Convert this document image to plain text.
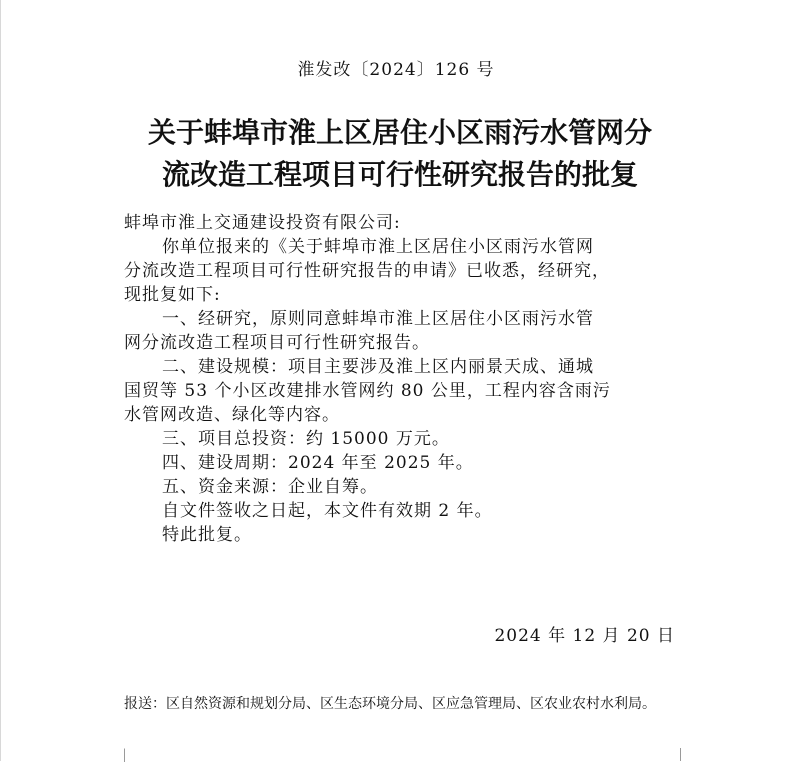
淮发改〔2024〕126 号
关于蚌埠市淮上区居住小区雨污水管网分
流改造工程项目可行性研究报告的批复

蚌埠市淮上交通建设投资有限公司:

你单位报来的《关于蚌埠市淮上区居住小区雨污水管网

分流改造工程项目可行性研究报告的申请》已收悉，经研究，

现批复如下:

一、经研究，原则同意蚌埠市淮上区居住小区雨污水管

网分流改造工程项目可行性研究报告。

二、建设规模：项目主要涉及淮上区内丽景天成、通城

国贸等 53 个小区改建排水管网约 80 公里，工程内容含雨污

水管网改造、绿化等内容。

三、项目总投资：约 15000 万元。

四、建设周期：2024 年至 2025 年。

五、资金来源：企业自筹。

自文件签收之日起，本文件有效期 2 年。

特此批复。

2024 年 12 月 20 日
报送：区自然资源和规划分局、区生态环境分局、区应急管理局、区农业农村水利局。
